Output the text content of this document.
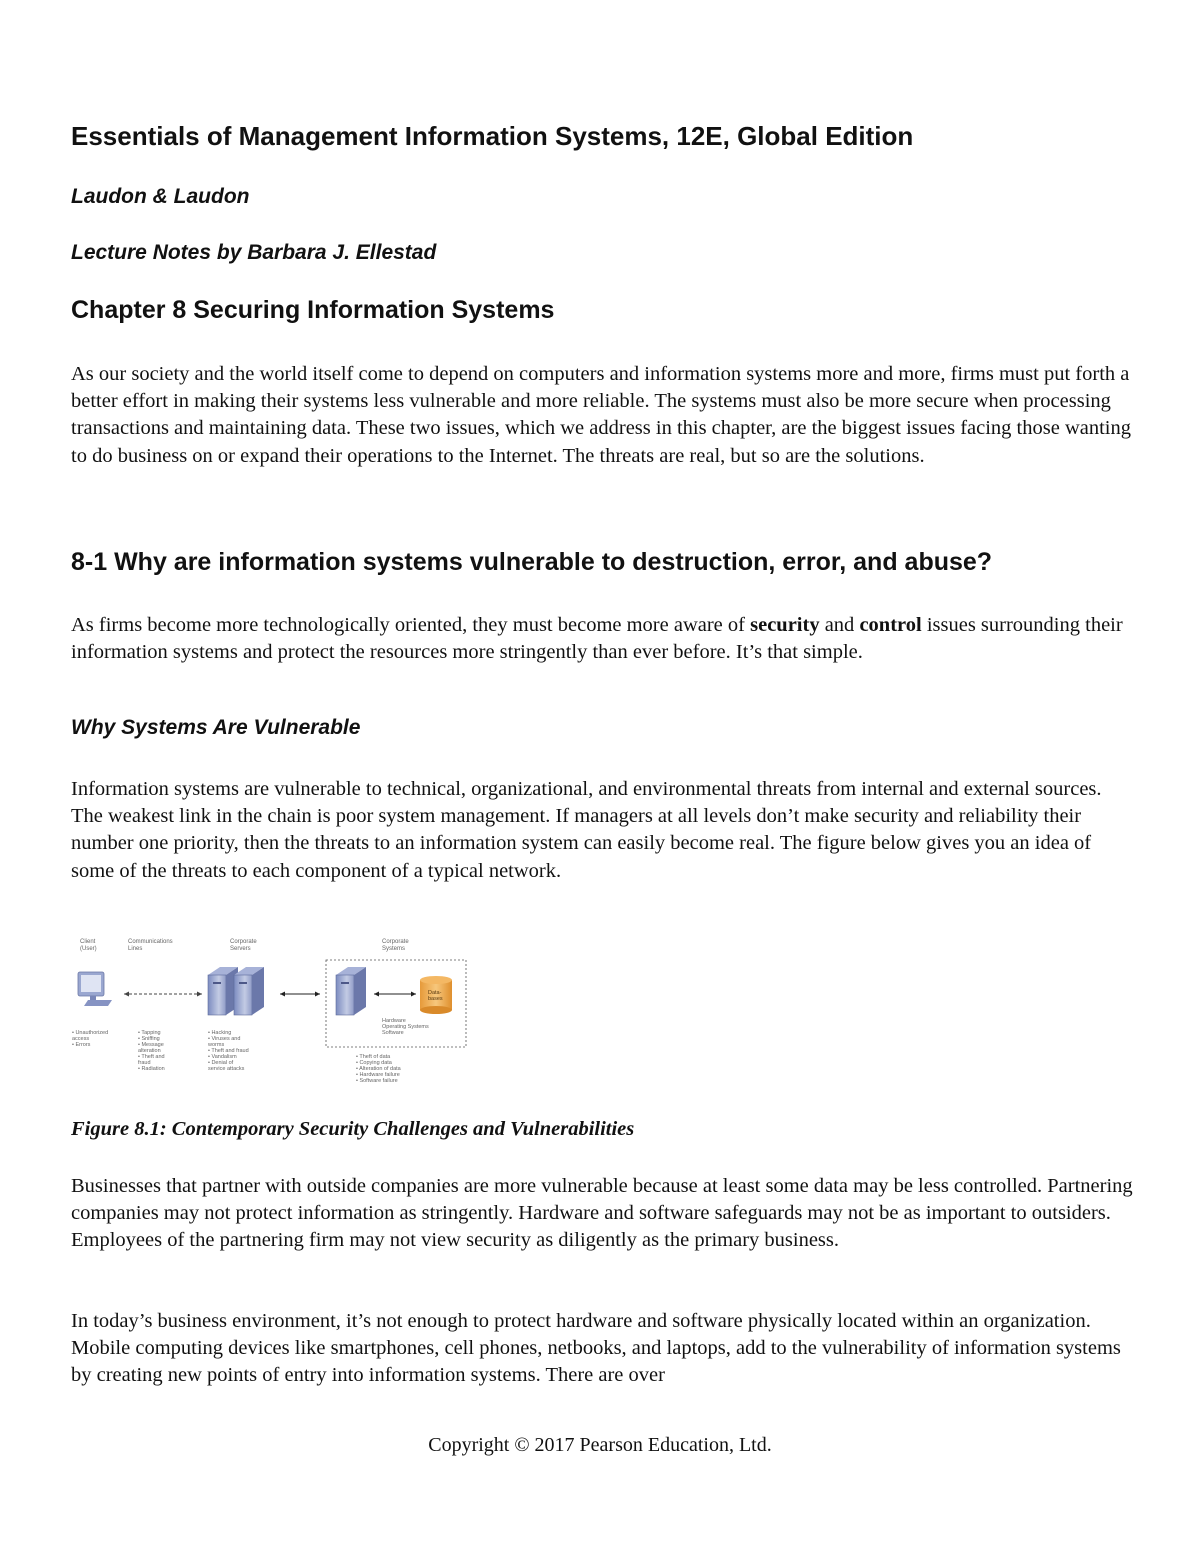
Essentials of Management Information Systems, 12E, Global Edition
Laudon & Laudon
Lecture Notes by Barbara J. Ellestad
Chapter 8 Securing Information Systems

As our society and the world itself come to depend on computers and information systems more and more, firms must put forth a better effort in making their systems less vulnerable and more reliable. The systems must also be more secure when processing transactions and maintaining data. These two issues, which we address in this chapter, are the biggest issues facing those wanting to do business on or expand their operations to the Internet. The threats are real, but so are the solutions.

8-1 Why are information systems vulnerable to destruction, error, and abuse?

As firms become more technologically oriented, they must become more aware of security and control issues surrounding their information systems and protect the resources more stringently than ever before. It’s that simple.

Why Systems Are Vulnerable

Information systems are vulnerable to technical, organizational, and environmental threats from internal and external sources. The weakest link in the chain is poor system management. If managers at all levels don’t make security and reliability their number one priority, then the threats to an information system can easily become real. The figure below gives you an idea of some of the threats to each component of a typical network.

Client (User)
Communications Lines
Corporate Servers
Corporate Systems
Data-bases
Hardware Operating Systems Software
• Unauthorized access • Errors
• Tapping • Sniffing • Message alteration • Theft and fraud • Radiation
• Hacking • Viruses and worms • Theft and fraud • Vandalism • Denial of service attacks
• Theft of data • Copying data • Alteration of data • Hardware failure • Software failure
Figure 8.1: Contemporary Security Challenges and Vulnerabilities

Businesses that partner with outside companies are more vulnerable because at least some data may be less controlled. Partnering companies may not protect information as stringently. Hardware and software safeguards may not be as important to outsiders. Employees of the partnering firm may not view security as diligently as the primary business.

In today’s business environment, it’s not enough to protect hardware and software physically located within an organization. Mobile computing devices like smartphones, cell phones, netbooks, and laptops, add to the vulnerability of information systems by creating new points of entry into information systems. There are over

Copyright © 2017 Pearson Education, Ltd.
